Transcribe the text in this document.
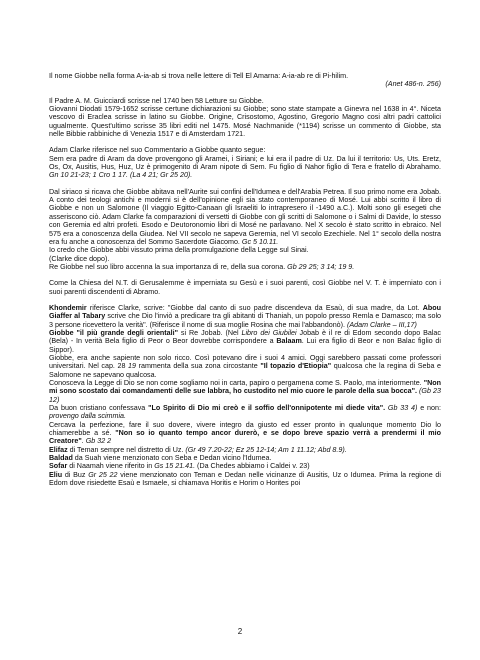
Il nome Giobbe nella forma A-ia-ab si trova nelle lettere di Tell El Amarna: A-ia-ab re di Pi-hilim.

(Anet 486-n. 256)

Il Padre A. M. Guicciardi scrisse nel 1740 ben 58 Letture su Giobbe.

Giovanni Diodati 1579-1652 scrisse certune dichiarazioni su Giobbe; sono state stampate a Ginevra nel 1638 in 4°. Niceta vescovo di Eraclea scrisse in latino su Giobbe. Origine, Crisostomo, Agostino, Gregorio Magno cosi altri padri cattolici ugualmente. Quest'ultimo scrisse 35 libri editi nel 1475. Mosé Nachmanide (*1194) scrisse un commento di Giobbe, sta nelle Bibbie rabbiniche di Venezia 1517 e di Amsterdam 1721.

Adam Clarke riferisce nel suo Commentario a Giobbe quanto segue:

Sem era padre di Aram da dove provengono gli Aramei, i Siriani; e lui era il padre di Uz. Da lui il territorio: Us, Uts. Eretz, Os, Ox, Ausitis, Hus, Huz, Uz è primogenito di Aram nipote di Sem. Fu figlio di Nahor figlio di Tera e fratello di Abrahamo. Gn 10 21-23; 1 Cro 1 17. (La 4 21; Gr 25 20).

Dal siriaco si ricava che Giobbe abitava nell'Aurite sui confini dell'Idumea e dell'Arabia Petrea. Il suo primo nome era Jobab. A conto dei teologi antichi e moderni si è dell'opinione egli sia stato contemporaneo di Mosé. Lui abbi scritto il libro di Giobbe e non un Salomone (Il viaggio Egitto-Canaan gli Israeliti lo intrapresero il -1490 a.C.). Molti sono gli esegeti che asseriscono ciò. Adam Clarke fa comparazioni di versetti di Giobbe con gli scritti di Salomone o i Salmi di Davide, lo stesso con Geremia ed altri profeti. Esodo e Deutoronomio libri di Mosé ne parlavano. Nel X secolo è stato scritto in ebraico. Nel 575 era a conoscenza della Giudea. Nel VII secolo ne sapeva Geremia, nel VI secolo Ezechiele. Nel 1° secolo della nostra era fu anche a conoscenza del Sommo Sacerdote Giacomo. Gc 5 10.11.

Io credo che Giobbe abbi vissuto prima della promulgazione della Legge sul Sinai.

(Clarke dice dopo).

Re Giobbe nel suo libro accenna la sua importanza di re, della sua corona. Gb 29 25; 3 14; 19 9.

Come la Chiesa del N.T. di Gerusalemme è imperniata su Gesù e i suoi parenti, così Giobbe nel V. T. è imperniato con i suoi parenti discendenti di Abramo.

Khondemir riferisce Clarke, scrive: "Giobbe dal canto di suo padre discendeva da Esaù, di sua madre, da Lot. Abou Giaffer al Tabary scrive che Dio l'inviò a predicare tra gli abitanti di Thaniah, un popolo presso Remla e Damasco; ma solo 3 persone ricevettero la verità". (Riferisce il nome di sua moglie Rosina che mai l'abbandonò). (Adam Clarke – III,17)

Giobbe "il più grande degli orientali" si Re Jobab. (Nel Libro dei Giubilei Jobab è il re di Edom secondo dopo Balac (Bela) - In verità Bela figlio di Peor o Beor dovrebbe corrispondere a Balaam. Lui era figlio di Beor e non Balac figlio di Sippor).

Giobbe, era anche sapiente non solo ricco. Così potevano dire i suoi 4 amici. Oggi sarebbero passati come professori universitari. Nel cap. 28 19 rammenta della sua zona circostante "Il topazio d'Etiopia" qualcosa che la regina di Seba e Salomone ne sapevano qualcosa.

Conosceva la Legge di Dio se non come sogliamo noi in carta, papiro o pergamena come S. Paolo, ma interiormente. "Non mi sono scostato dai comandamenti delle sue labbra, ho custodito nel mio cuore le parole della sua bocca". (Gb 23 12)

Da buon cristiano confessava "Lo Spirito di Dio mi creò e il soffio dell'onnipotente mi diede vita". Gb 33 4) e non: provengo dalla scimmia.

Cercava la perfezione, fare il suo dovere, vivere integro da giusto ed esser pronto in qualunque momento Dio lo chiamerebbe a sé. "Non so io quanto tempo ancor durerò, e se dopo breve spazio verrà a prendermi il mio Creatore". Gb 32 2

Elifaz di Teman sempre nel distretto di Uz. (Gr 49 7.20-22; Ez 25 12-14; Am 1 11.12; Abd 8.9).

Baldad da Suah viene menzionato con Seba e Dedan vicino l'Idumea.

Sofar di Naamah viene riferito in Gs 15 21.41. (Da Chedes abbiamo i Caldei v. 23)

Eliu di Buz Gr 25 22 viene menzionato con Teman e Dedan nelle vicinanze di Ausitis, Uz o Idumea. Prima la regione di Edom dove risiedette Esaù e Ismaele, si chiamava Horitis e Horim o Horites poi

2
